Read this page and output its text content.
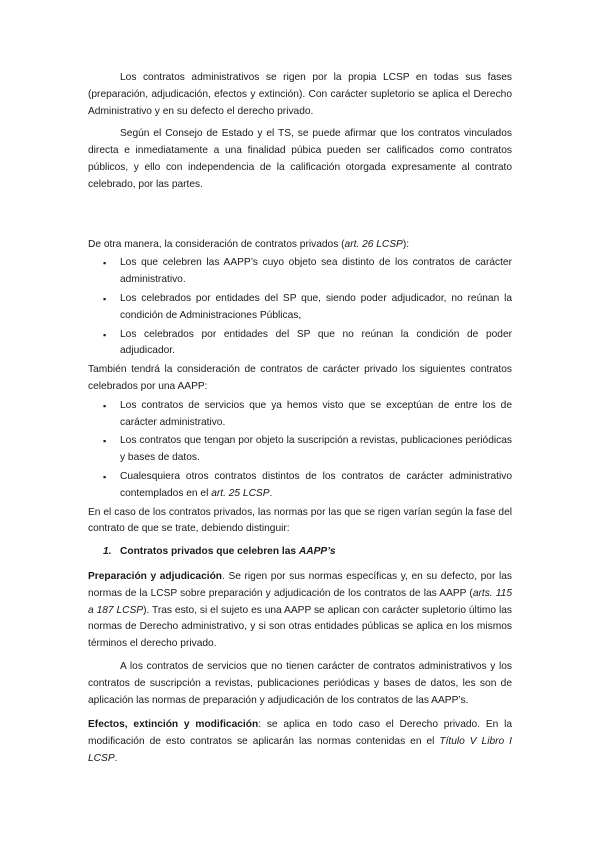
Los contratos administrativos se rigen por la propia LCSP en todas sus fases (preparación, adjudicación, efectos y extinción). Con carácter supletorio se aplica el Derecho Administrativo y en su defecto el derecho privado.

Según el Consejo de Estado y el TS, se puede afirmar que los contratos vinculados directa e inmediatamente a una finalidad púbica pueden ser calificados como contratos públicos, y ello con independencia de la calificación otorgada expresamente al contrato celebrado, por las partes.

De otra manera, la consideración de contratos privados (art. 26 LCSP):

▪ Los que celebren las AAPP’s cuyo objeto sea distinto de los contratos de carácter administrativo.
▪ Los celebrados por entidades del SP que, siendo poder adjudicador, no reúnan la condición de Administraciones Públicas,
▪ Los celebrados por entidades del SP que no reúnan la condición de poder adjudicador.

También tendrá la consideración de contratos de carácter privado los siguientes contratos celebrados por una AAPP:

▪ Los contratos de servicios que ya hemos visto que se exceptúan de entre los de carácter administrativo.
▪ Los contratos que tengan por objeto la suscripción a revistas, publicaciones periódicas y bases de datos.
▪ Cualesquiera otros contratos distintos de los contratos de carácter administrativo contemplados en el art. 25 LCSP.

En el caso de los contratos privados, las normas por las que se rigen varían según la fase del contrato de que se trate, debiendo distinguir:

1. Contratos privados que celebren las AAPP’s

Preparación y adjudicación. Se rigen por sus normas específicas y, en su defecto, por las normas de la LCSP sobre preparación y adjudicación de los contratos de las AAPP (arts. 115 a 187 LCSP). Tras esto, si el sujeto es una AAPP se aplican con carácter supletorio último las normas de Derecho administrativo, y si son otras entidades públicas se aplica en los mismos términos el derecho privado.

A los contratos de servicios que no tienen carácter de contratos administrativos y los contratos de suscripción a revistas, publicaciones periódicas y bases de datos, les son de aplicación las normas de preparación y adjudicación de los contratos de las AAPP’s.

Efectos, extinción y modificación: se aplica en todo caso el Derecho privado. En la modificación de esto contratos se aplicarán las normas contenidas en el Título V Libro I LCSP.
